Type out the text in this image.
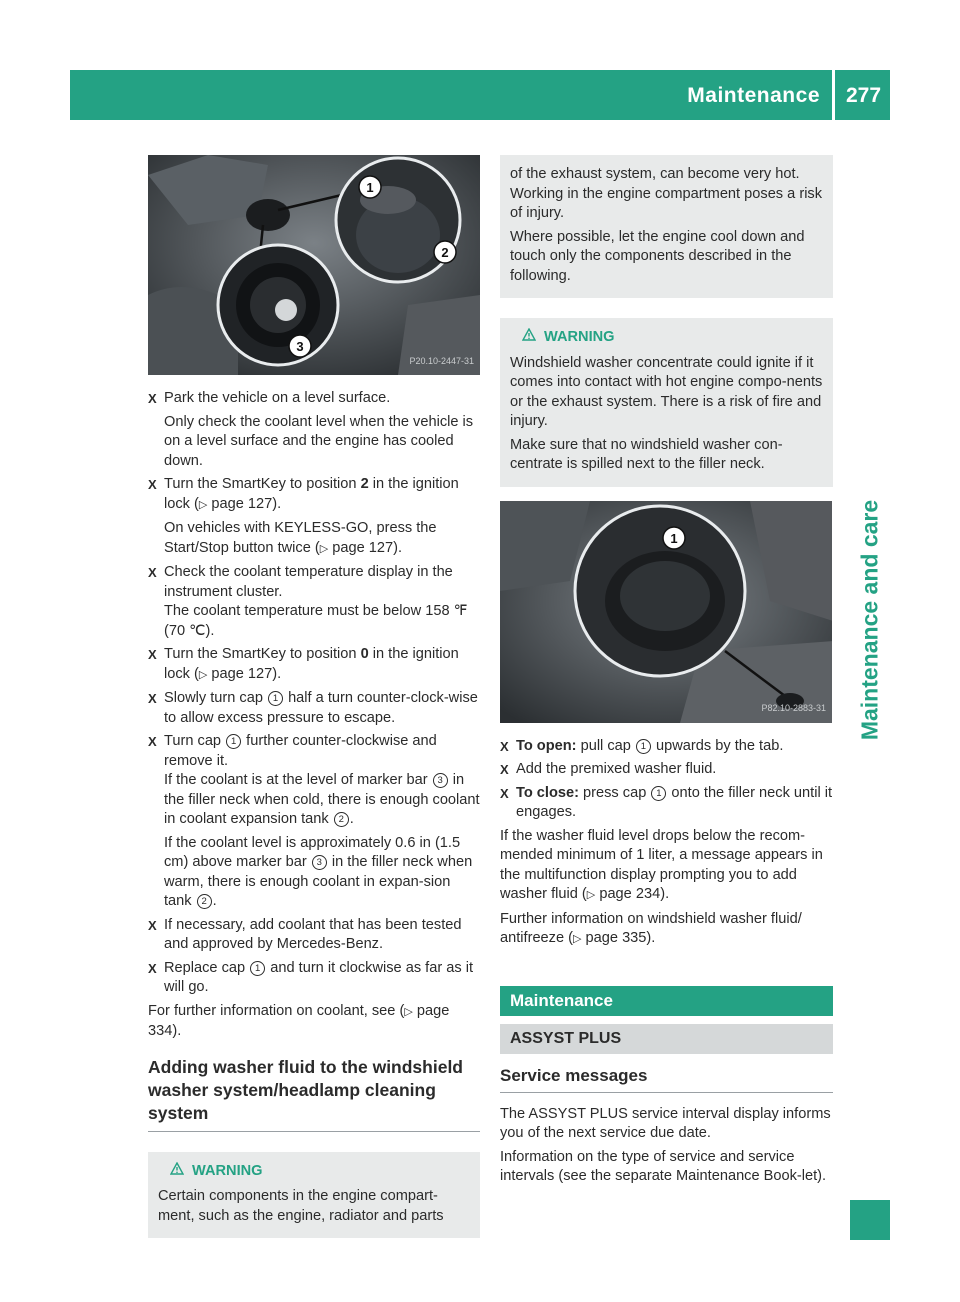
Maintenance 277
Maintenance and care
1
2
3
P20.10-2447-31
X Park the vehicle on a level surface.
Only check the coolant level when the vehicle is on a level surface and the engine has cooled down.
X Turn the SmartKey to position 2 in the ignition lock (▷ page 127).
On vehicles with KEYLESS-GO, press the Start/Stop button twice (▷ page 127).
X Check the coolant temperature display in the instrument cluster.
The coolant temperature must be below 158 ℉ (70 ℃).
X Turn the SmartKey to position 0 in the ignition lock (▷ page 127).
X Slowly turn cap 1 half a turn counter-clock-wise to allow excess pressure to escape.
X Turn cap 1 further counter-clockwise and remove it.
If the coolant is at the level of marker bar 3 in the filler neck when cold, there is enough coolant in coolant expansion tank 2 .
If the coolant level is approximately 0.6 in (1.5 cm) above marker bar 3 in the filler neck when warm, there is enough coolant in expan-sion tank 2 .
X If necessary, add coolant that has been tested and approved by Mercedes-Benz.
X Replace cap 1 and turn it clockwise as far as it will go.

For further information on coolant, see (▷ page 334).

Adding washer fluid to the windshield washer system/headlamp cleaning system
WARNING

Certain components in the engine compart-ment, such as the engine, radiator and parts

of the exhaust system, can become very hot. Working in the engine compartment poses a risk of injury.

Where possible, let the engine cool down and touch only the components described in the following.

WARNING

Windshield washer concentrate could ignite if it comes into contact with hot engine compo-nents or the exhaust system. There is a risk of fire and injury.

Make sure that no windshield washer con-centrate is spilled next to the filler neck.

1
P82.10-2883-31
X To open: pull cap 1 upwards by the tab.
X Add the premixed washer fluid.
X To close: press cap 1 onto the filler neck until it engages.

If the washer fluid level drops below the recom-mended minimum of 1 liter, a message appears in the multifunction display prompting you to add washer fluid (▷ page 234).

Further information on windshield washer fluid/ antifreeze (▷ page 335).

Maintenance
ASSYST PLUS
Service messages

The ASSYST PLUS service interval display informs you of the next service due date.

Information on the type of service and service intervals (see the separate Maintenance Book-let).
